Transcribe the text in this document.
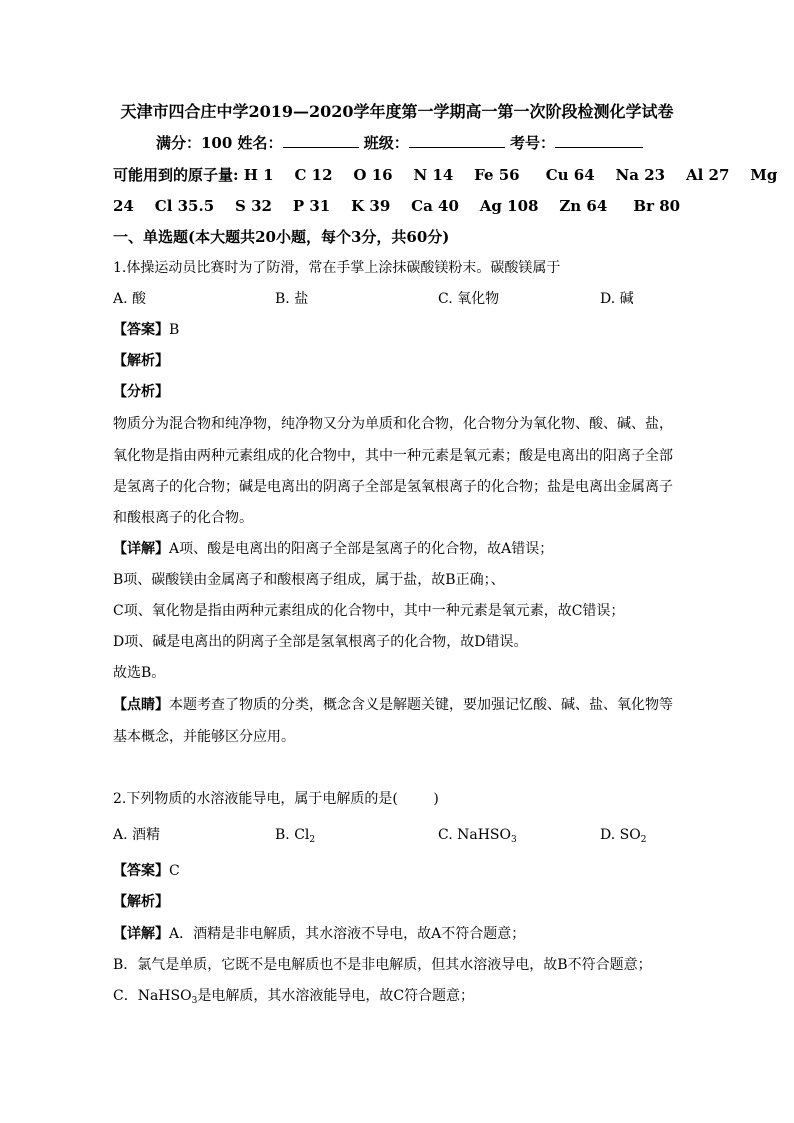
天津市四合庄中学2019—2020学年度第一学期高一第一次阶段检测化学试卷
满分：100 姓名：	班级：	考号：
可能用到的原子量: H 1    C 12    O 16    N 14    Fe 56     Cu 64    Na 23    Al 27    Mg
24    Cl 35.5    S 32    P 31    K 39    Ca 40    Ag 108    Zn 64     Br 80
一、单选题(本大题共20小题，每个3分，共60分)
1.体操运动员比赛时为了防滑，常在手掌上涂抹碳酸镁粉末。碳酸镁属于
A. 酸	B. 盐	C. 氧化物	D. 碱
【答案】B
【解析】
【分析】
物质分为混合物和纯净物，纯净物又分为单质和化合物，化合物分为氧化物、酸、碱、盐，
氧化物是指由两种元素组成的化合物中，其中一种元素是氧元素；酸是电离出的阳离子全部
是氢离子的化合物；碱是电离出的阴离子全部是氢氧根离子的化合物；盐是电离出金属离子
和酸根离子的化合物。
【详解】A项、酸是电离出的阳离子全部是氢离子的化合物，故A错误；
B项、碳酸镁由金属离子和酸根离子组成，属于盐，故B正确；、
C项、氧化物是指由两种元素组成的化合物中，其中一种元素是氧元素，故C错误；
D项、碱是电离出的阴离子全部是氢氧根离子的化合物，故D错误。
故选B。
【点睛】本题考查了物质的分类，概念含义是解题关键，要加强记忆酸、碱、盐、氧化物等
基本概念，并能够区分应用。
2.下列物质的水溶液能导电，属于电解质的是(        )
A. 酒精	B. $Cl_2$	C. NaHSO$_3$	D. $SO_2$
【答案】C
【解析】
【详解】A．酒精是非电解质，其水溶液不导电，故A不符合题意；
B．氯气是单质，它既不是电解质也不是非电解质，但其水溶液导电，故B不符合题意；
C．NaHSO$_3$是电解质，其水溶液能导电，故C符合题意；
